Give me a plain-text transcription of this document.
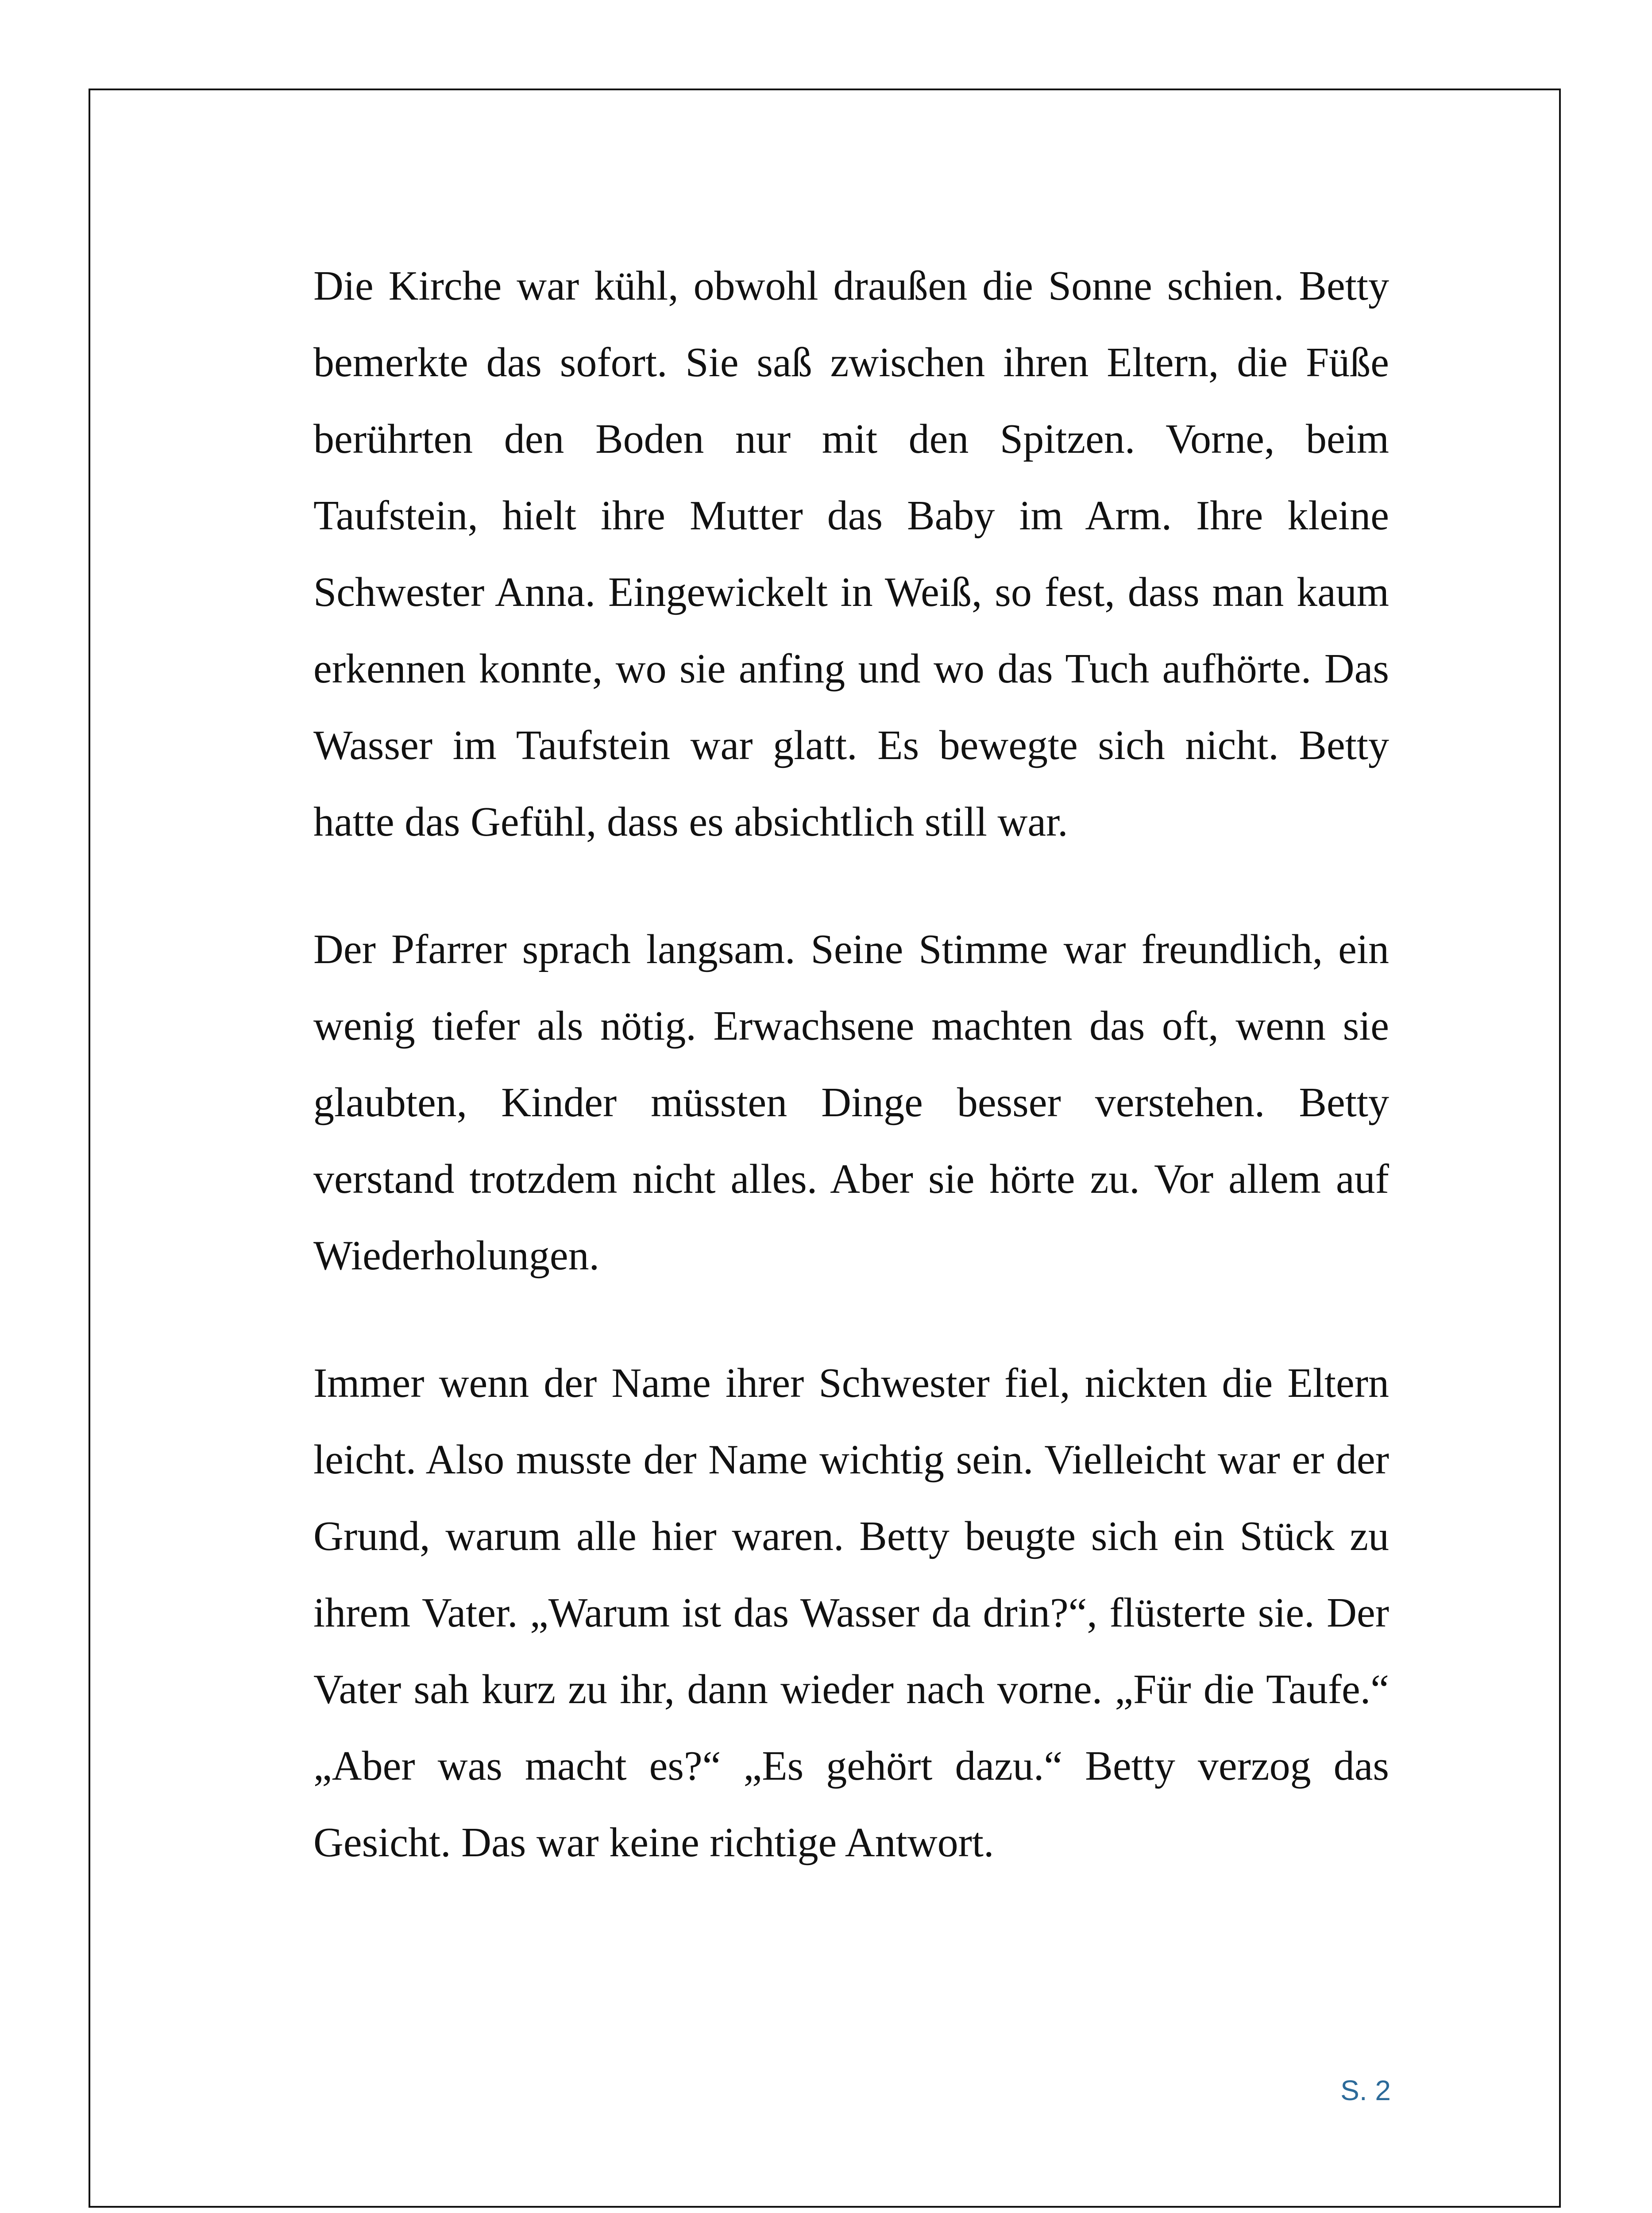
Die Kirche war kühl, obwohl draußen die Sonne schien. Betty bemerkte das sofort. Sie saß zwischen ihren Eltern, die Füße berührten den Boden nur mit den Spitzen. Vorne, beim Taufstein, hielt ihre Mutter das Baby im Arm. Ihre kleine Schwester Anna. Eingewickelt in Weiß, so fest, dass man kaum erkennen konnte, wo sie anfing und wo das Tuch aufhörte. Das Wasser im Taufstein war glatt. Es bewegte sich nicht. Betty hatte das Gefühl, dass es absichtlich still war.

Der Pfarrer sprach langsam. Seine Stimme war freundlich, ein wenig tiefer als nötig. Erwachsene machten das oft, wenn sie glaubten, Kinder müssten Dinge besser verstehen. Betty verstand trotzdem nicht alles. Aber sie hörte zu. Vor allem auf Wiederholungen.

Immer wenn der Name ihrer Schwester fiel, nickten die Eltern leicht. Also musste der Name wichtig sein. Vielleicht war er der Grund, warum alle hier waren. Betty beugte sich ein Stück zu ihrem Vater. „Warum ist das Wasser da drin?“, flüsterte sie. Der Vater sah kurz zu ihr, dann wieder nach vorne. „Für die Taufe.“ „Aber was macht es?“ „Es gehört dazu.“ Betty verzog das Gesicht. Das war keine richtige Antwort.

S. 2
